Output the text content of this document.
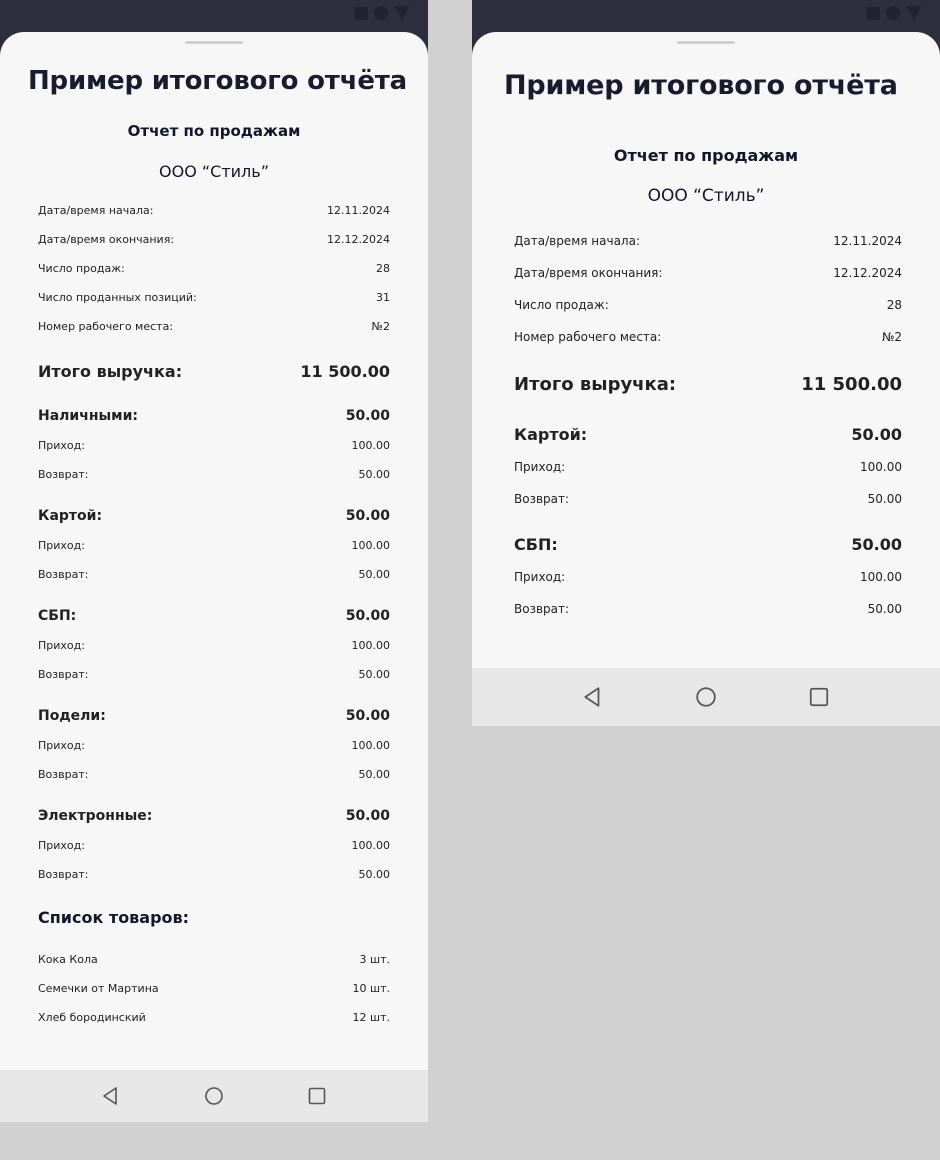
Пример итогового отчёта
Отчет по продажам
ООО “Стиль”
Дата/время начала:	12.11.2024
Дата/время окончания:	12.12.2024
Число продаж:	28
Число проданных позиций:	31
Номер рабочего места:	№2
Итого выручка:	11 500.00
Наличными:	50.00
Приход:	100.00
Возврат:	50.00
Картой:	50.00
Приход:	100.00
Возврат:	50.00
СБП:	50.00
Приход:	100.00
Возврат:	50.00
Подели:	50.00
Приход:	100.00
Возврат:	50.00
Электронные:	50.00
Приход:	100.00
Возврат:	50.00
Список товаров:
Кока Кола	3 шт.
Семечки от Мартина	10 шт.
Хлеб бородинский	12 шт.
Пример итогового отчёта
Отчет по продажам
ООО “Стиль”
Дата/время начала:	12.11.2024
Дата/время окончания:	12.12.2024
Число продаж:	28
Номер рабочего места:	№2
Итого выручка:	11 500.00
Картой:	50.00
Приход:	100.00
Возврат:	50.00
СБП:	50.00
Приход:	100.00
Возврат:	50.00
